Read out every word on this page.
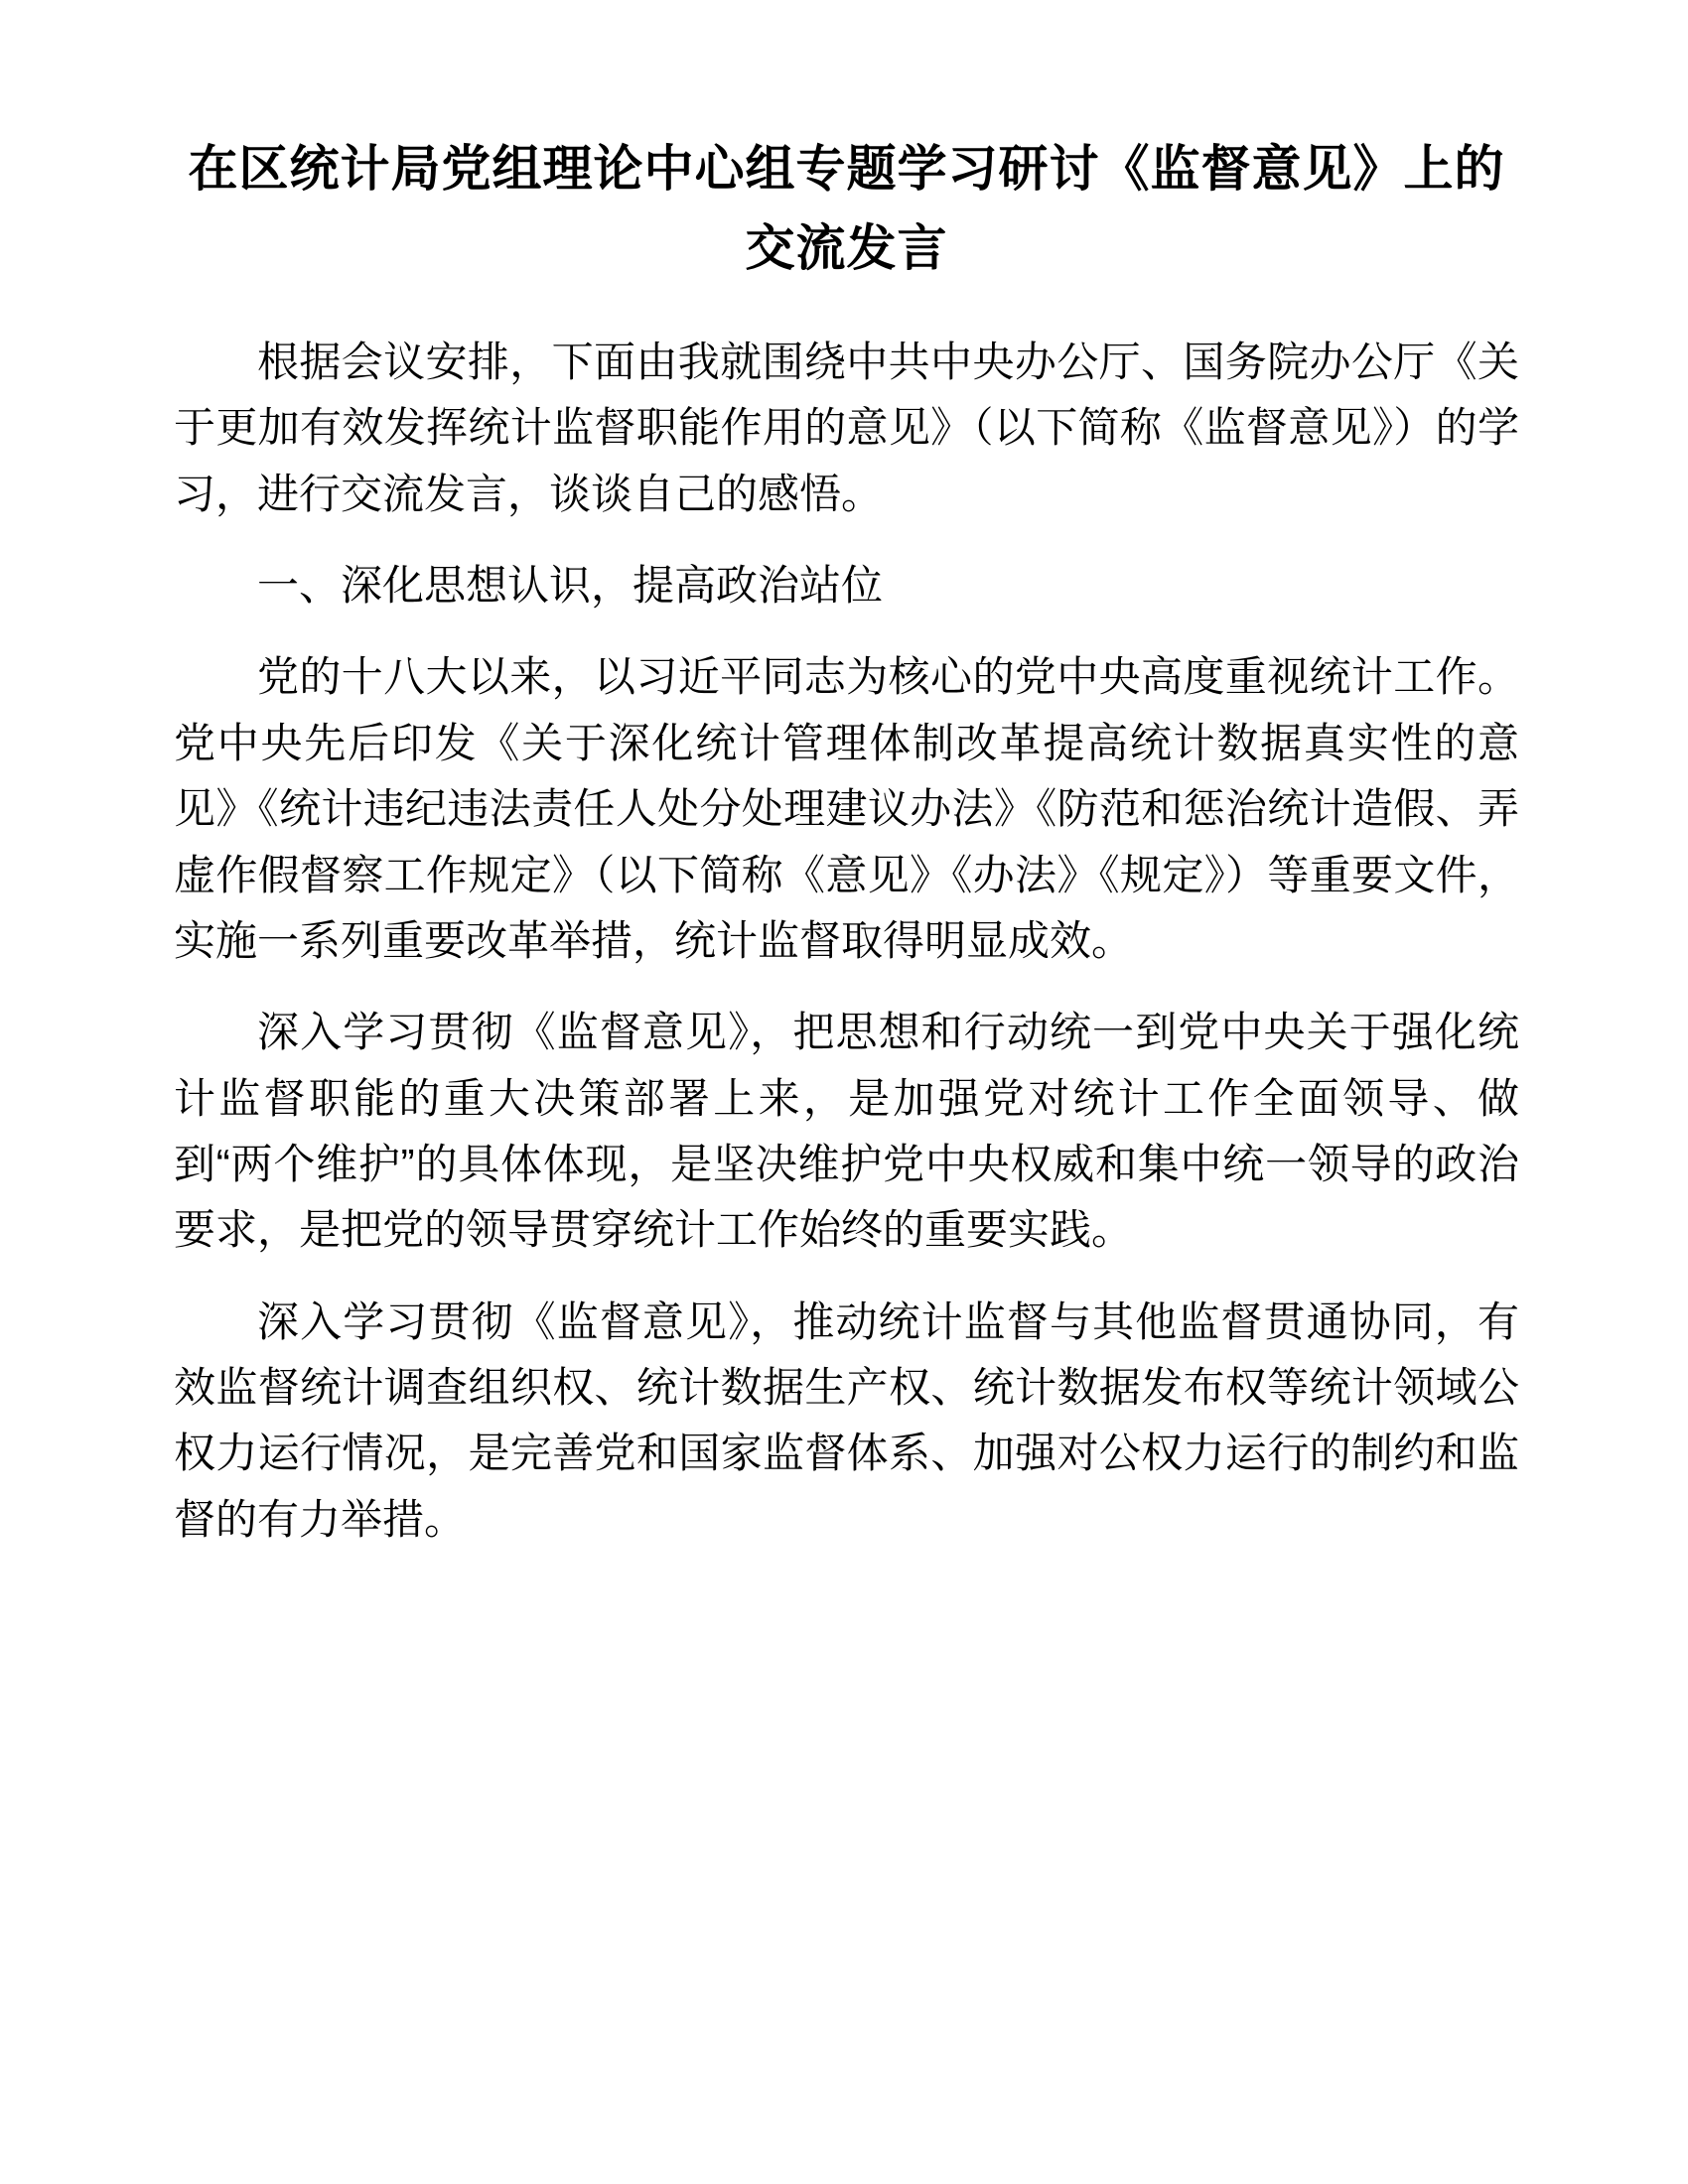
在区统计局党组理论中心组专题学习研讨《监督意见》上的交流发言

根据会议安排，下面由我就围绕中共中央办公厅、国务院办公厅《关于更加有效发挥统计监督职能作用的意见》（以下简称《监督意见》）的学习，进行交流发言，谈谈自己的感悟。

一、深化思想认识，提高政治站位

党的十八大以来，以习近平同志为核心的党中央高度重视统计工作。党中央先后印发《关于深化统计管理体制改革提高统计数据真实性的意见》《统计违纪违法责任人处分处理建议办法》《防范和惩治统计造假、弄虚作假督察工作规定》（以下简称《意见》《办法》《规定》）等重要文件，实施一系列重要改革举措，统计监督取得明显成效。

深入学习贯彻《监督意见》，把思想和行动统一到党中央关于强化统计监督职能的重大决策部署上来，是加强党对统计工作全面领导、做到“两个维护”的具体体现，是坚决维护党中央权威和集中统一领导的政治要求，是把党的领导贯穿统计工作始终的重要实践。

深入学习贯彻《监督意见》，推动统计监督与其他监督贯通协同，有效监督统计调查组织权、统计数据生产权、统计数据发布权等统计领域公权力运行情况，是完善党和国家监督体系、加强对公权力运行的制约和监督的有力举措。
